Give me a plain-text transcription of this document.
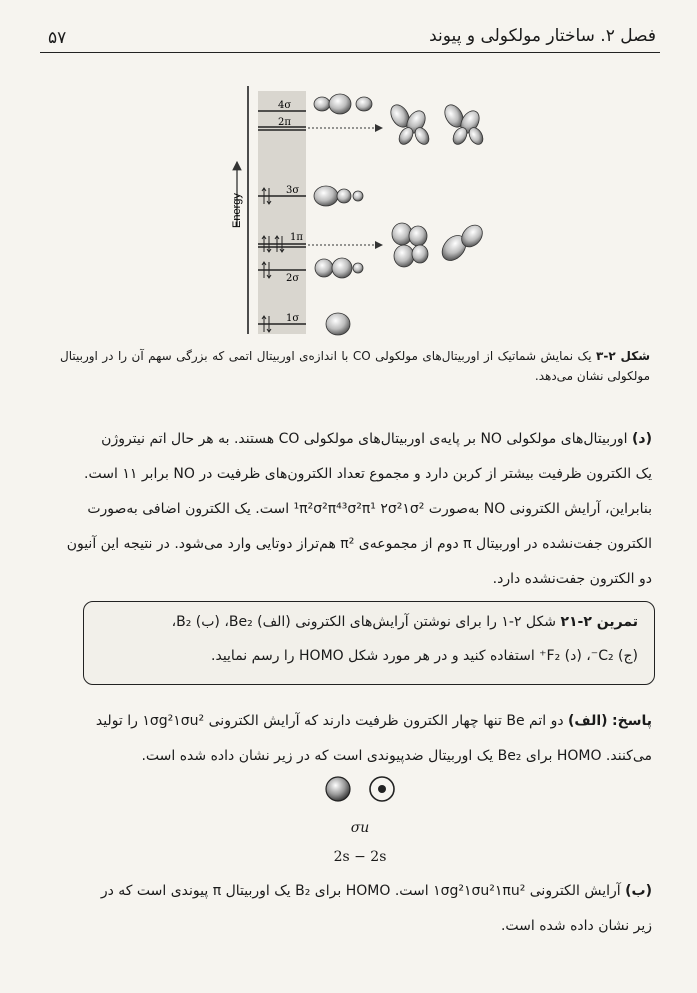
۵۷	فصل ۲. ساختار مولکولی و پیوند
Energy
4σ
2π
3σ
1π
2σ
1σ
شکل ۲-۳ یک نمایش شماتیک از اوربیتال‌های مولکولی CO با اندازه‌ی اوربیتال اتمی که بزرگی سهم آن را در اوربیتال مولکولی نشان می‌دهد.
(د) اوربیتال‌های مولکولی NO بر پایه‌ی اوربیتال‌های مولکولی CO هستند. به هر حال اتم نیتروژن
یک الکترون ظرفیت بیشتر از کربن دارد و مجموع تعداد الکترون‌های ظرفیت در NO برابر ۱۱ است.
بنابراین، آرایش الکترونی NO به‌صورت ¹π²σ²π⁴³σ²π¹ ۲σ²۱σ² است. یک الکترون اضافی به‌صورت
الکترون جفت‌نشده در اوربیتال π دوم از مجموعه‌ی π² هم‌تراز دوتایی وارد می‌شود. در نتیجه این آنیون
دو الکترون جفت‌نشده دارد.
تمرین ۲-۲۱ شکل ۲-۱ را برای نوشتن آرایش‌های الکترونی (الف) Be₂، (ب) B₂،
(ج) C₂⁻، (د) F₂⁺ استفاده کنید و در هر مورد شکل HOMO را رسم نمایید.
پاسخ: (الف) دو اتم Be تنها چهار الکترون ظرفیت دارند که آرایش الکترونی ۱σg²۱σu² را تولید
می‌کنند. HOMO برای Be₂ یک اوربیتال ضدپیوندی است که در زیر نشان داده شده است.
σu
2s − 2s
(ب) آرایش الکترونی ۱σg²۱σu²۱πu² است. HOMO برای B₂ یک اوربیتال π پیوندی است که در
زیر نشان داده شده است.
